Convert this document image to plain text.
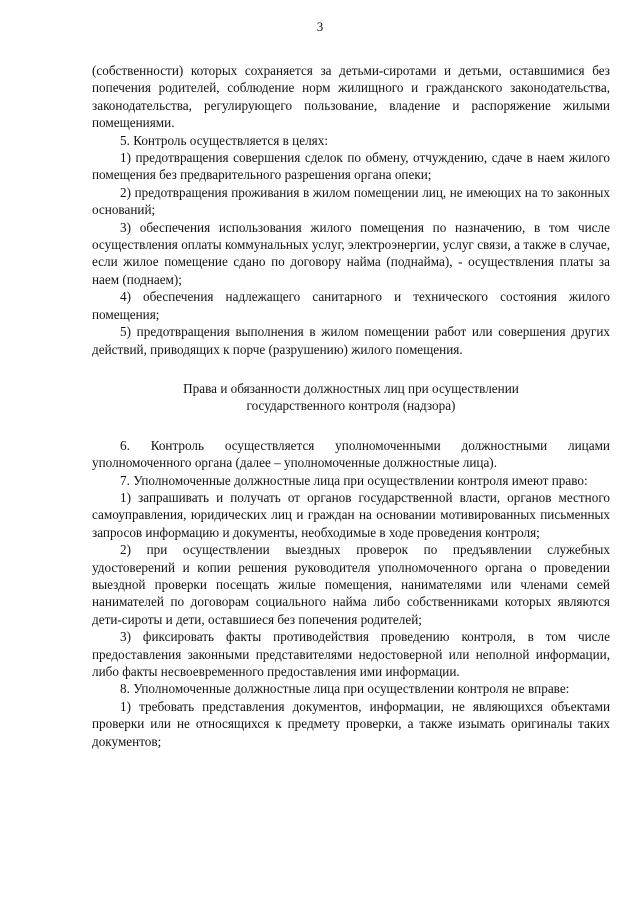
3

(собственности) которых сохраняется за детьми-сиротами и детьми, оставшимися без попечения родителей, соблюдение норм жилищного и гражданского законодательства, законодательства, регулирующего пользование, владение и распоряжение жилыми помещениями.

5. Контроль осуществляется в целях:

1) предотвращения совершения сделок по обмену, отчуждению, сдаче в наем жилого помещения без предварительного разрешения органа опеки;

2) предотвращения проживания в жилом помещении лиц, не имеющих на то законных оснований;

3) обеспечения использования жилого помещения по назначению, в том числе осуществления оплаты коммунальных услуг, электроэнергии, услуг связи, а также в случае, если жилое помещение сдано по договору найма (поднайма), - осуществления платы за наем (поднаем);

4) обеспечения надлежащего санитарного и технического состояния жилого помещения;

5) предотвращения выполнения в жилом помещении работ или совершения других действий, приводящих к порче (разрушению) жилого помещения.

Права и обязанности должностных лиц при осуществлении
государственного контроля (надзора)

6. Контроль осуществляется уполномоченными должностными лицами уполномоченного органа (далее – уполномоченные должностные лица).

7. Уполномоченные должностные лица при осуществлении контроля имеют право:

1) запрашивать и получать от органов государственной власти, органов местного самоуправления, юридических лиц и граждан на основании мотивированных письменных запросов информацию и документы, необходимые в ходе проведения контроля;

2) при осуществлении выездных проверок по предъявлении служебных удостоверений и копии решения руководителя уполномоченного органа о проведении выездной проверки посещать жилые помещения, нанимателями или членами семей нанимателей по договорам социального найма либо собственниками которых являются дети-сироты и дети, оставшиеся без попечения родителей;

3) фиксировать факты противодействия проведению контроля, в том числе предоставления законными представителями недостоверной или неполной информации, либо факты несвоевременного предоставления ими информации.

8. Уполномоченные должностные лица при осуществлении контроля не вправе:

1) требовать представления документов, информации, не являющихся объектами проверки или не относящихся к предмету проверки, а также изымать оригиналы таких документов;
